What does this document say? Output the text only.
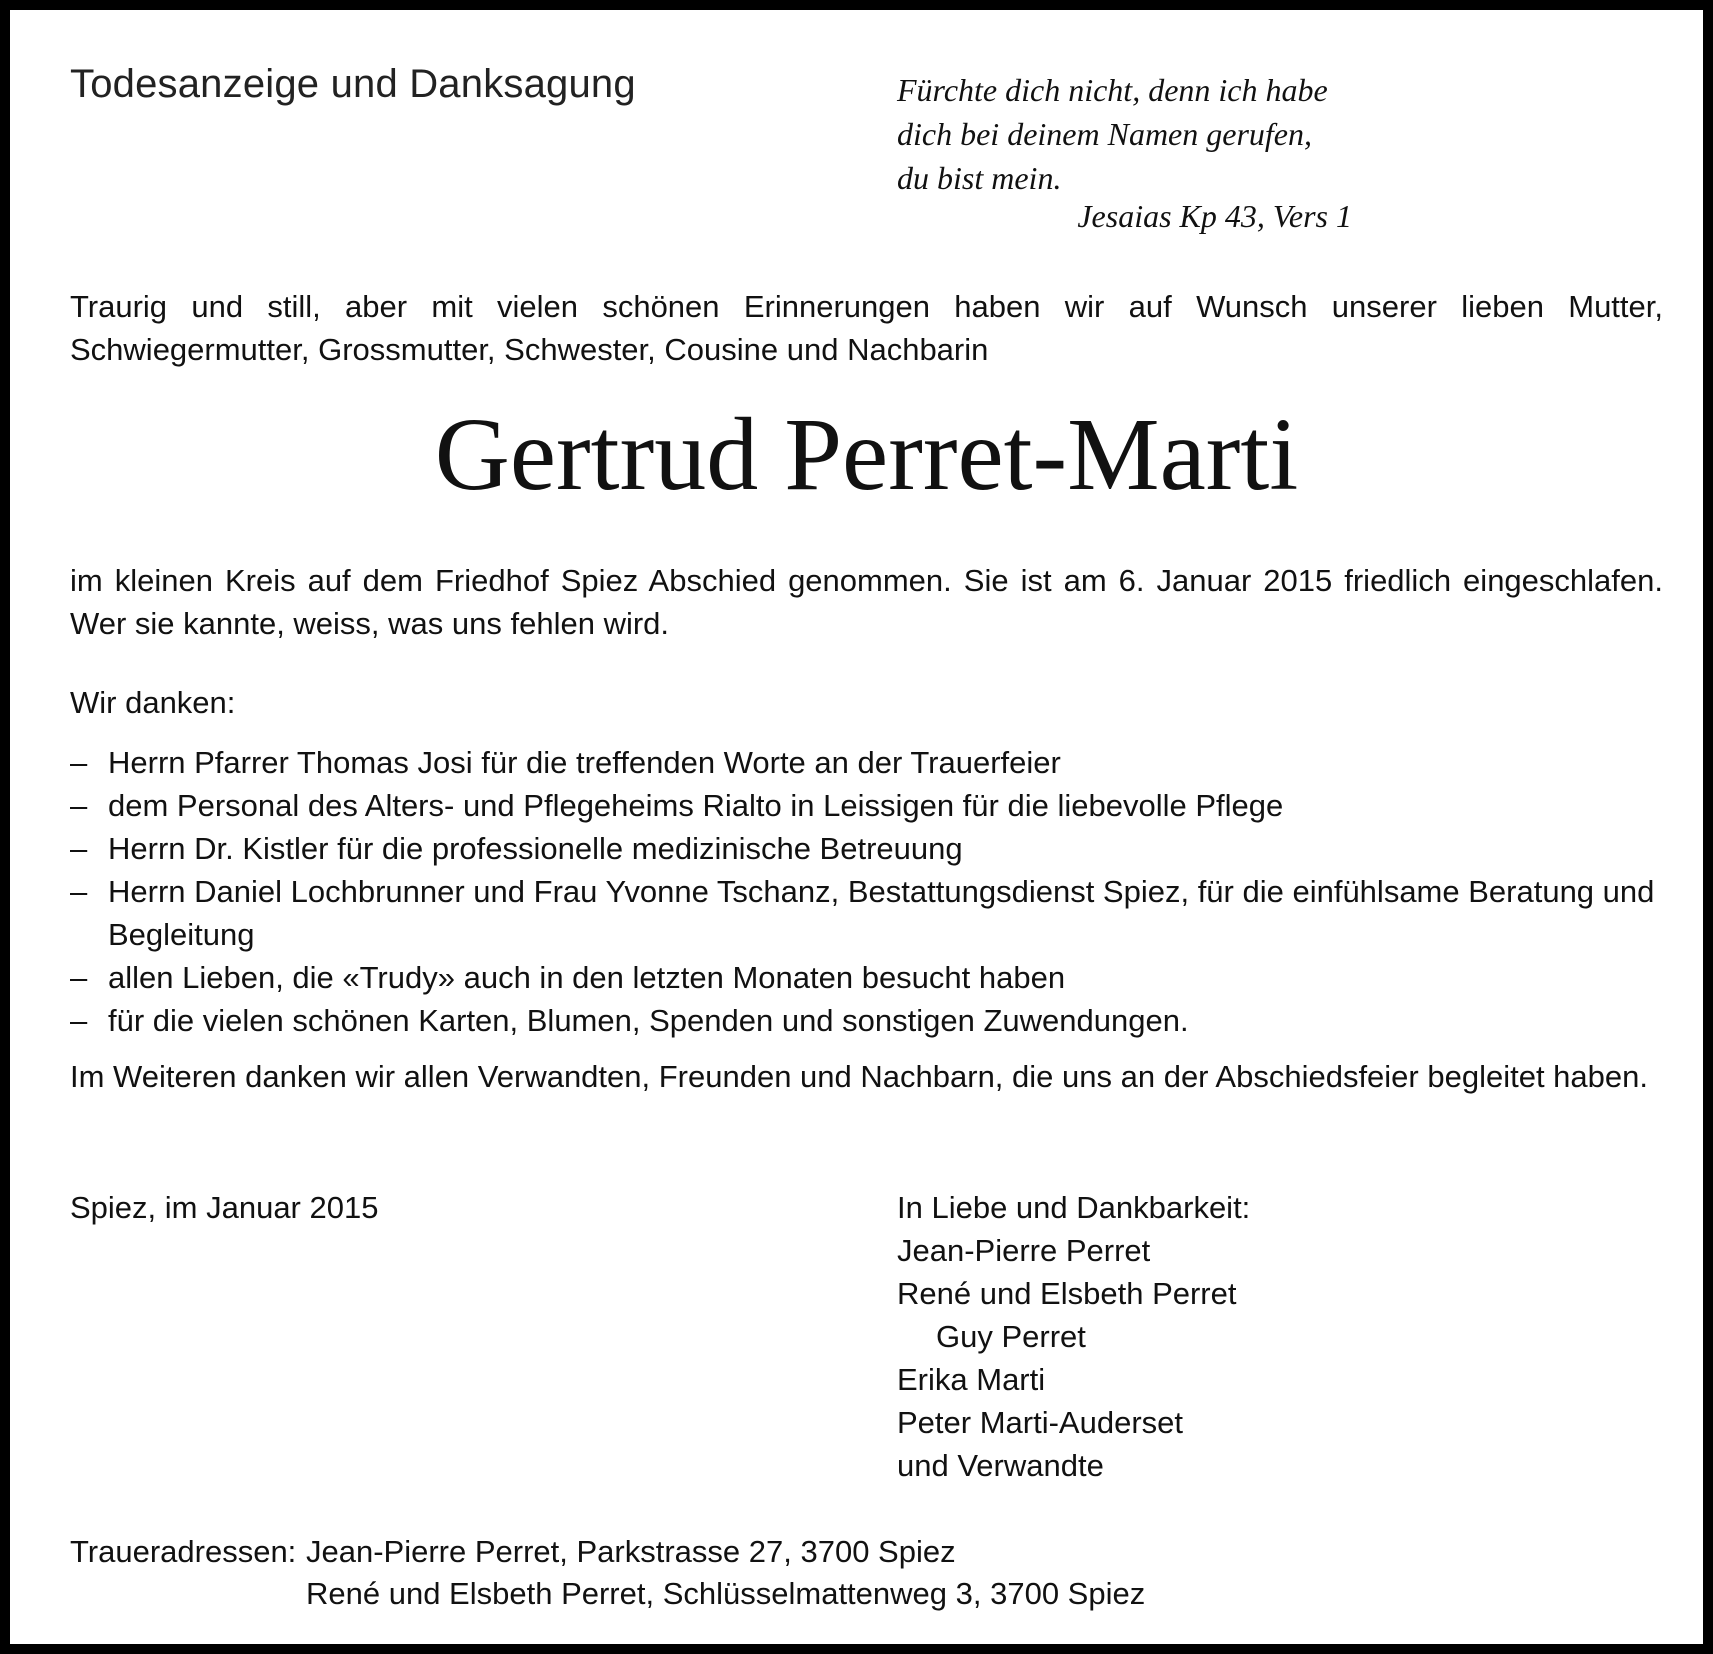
Todesanzeige und Danksagung	Fürchte dich nicht, denn ich habe
dich bei deinem Namen gerufen,
du bist mein.
Jesaias Kp 43, Vers 1
Traurig und still, aber mit vielen schönen Erinnerungen haben wir auf Wunsch unserer lieben Mutter, Schwiegermutter, Grossmutter, Schwester, Cousine und Nachbarin
Gertrud Perret-Marti
im kleinen Kreis auf dem Friedhof Spiez Abschied genommen. Sie ist am 6. Januar 2015 friedlich eingeschlafen. Wer sie kannte, weiss, was uns fehlen wird.
Wir danken:
– Herrn Pfarrer Thomas Josi für die treffenden Worte an der Trauerfeier
– dem Personal des Alters- und Pflegeheims Rialto in Leissigen für die liebevolle Pflege
– Herrn Dr. Kistler für die professionelle medizinische Betreuung
– Herrn Daniel Lochbrunner und Frau Yvonne Tschanz, Bestattungsdienst Spiez, für die einfühlsame Beratung und Begleitung
– allen Lieben, die «Trudy» auch in den letzten Monaten besucht haben
– für die vielen schönen Karten, Blumen, Spenden und sonstigen Zuwendungen.
Im Weiteren danken wir allen Verwandten, Freunden und Nachbarn, die uns an der Abschiedsfeier begleitet haben.
Spiez, im Januar 2015	In Liebe und Dankbarkeit:
Jean-Pierre Perret
René und Elsbeth Perret
Guy Perret
Erika Marti
Peter Marti-Auderset
und Verwandte
Traueradressen: Jean-Pierre Perret, Parkstrasse 27, 3700 Spiez
René und Elsbeth Perret, Schlüsselmattenweg 3, 3700 Spiez
